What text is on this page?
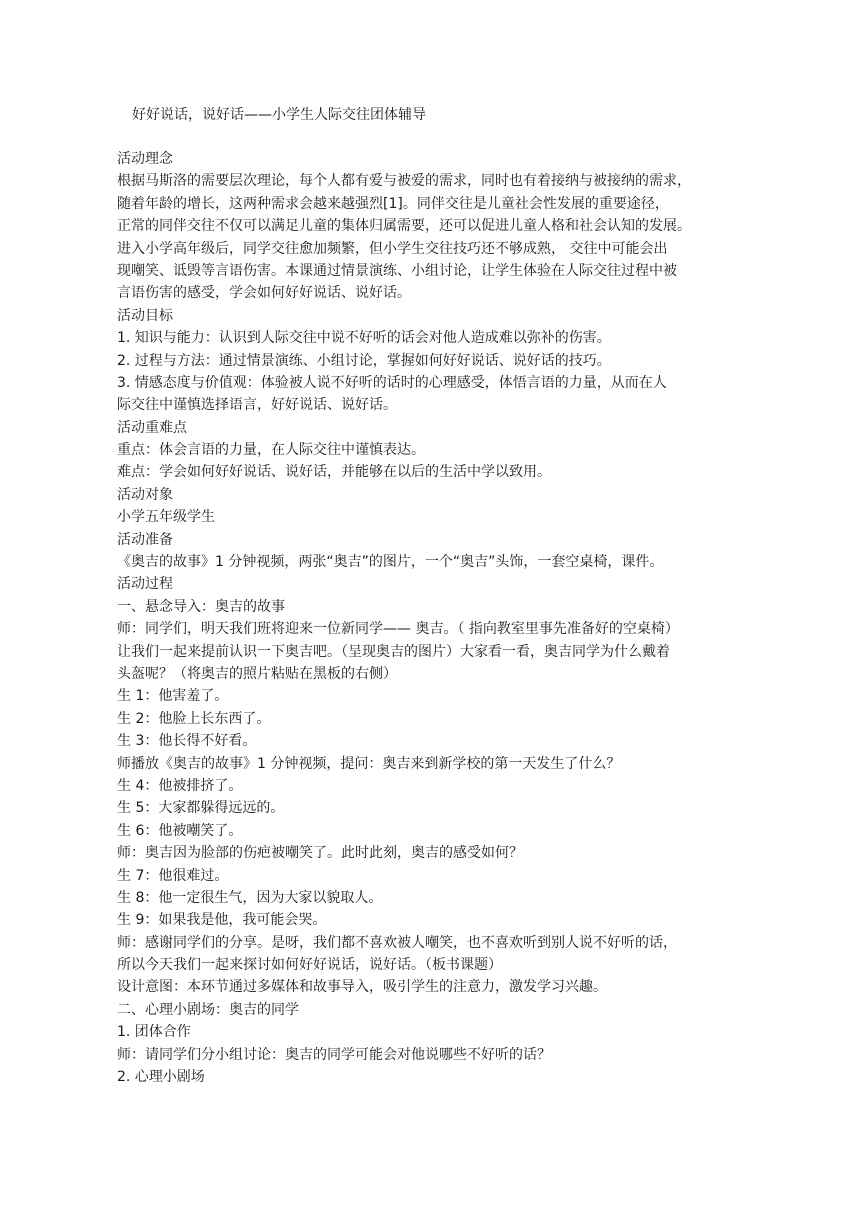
好好说话，说好话——小学生人际交往团体辅导
活动理念
根据马斯洛的需要层次理论，每个人都有爱与被爱的需求，同时也有着接纳与被接纳的需求，
随着年龄的增长，这两种需求会越来越强烈[1]。同伴交往是儿童社会性发展的重要途径，
正常的同伴交往不仅可以满足儿童的集体归属需要，还可以促进儿童人格和社会认知的发展。
进入小学高年级后，同学交往愈加频繁，但小学生交往技巧还不够成熟， 交往中可能会出
现嘲笑、诋毁等言语伤害。本课通过情景演练、小组讨论，让学生体验在人际交往过程中被
言语伤害的感受，学会如何好好说话、说好话。
活动目标
1. 知识与能力：认识到人际交往中说不好听的话会对他人造成难以弥补的伤害。
2. 过程与方法：通过情景演练、小组讨论，掌握如何好好说话、说好话的技巧。
3. 情感态度与价值观：体验被人说不好听的话时的心理感受，体悟言语的力量，从而在人
际交往中谨慎选择语言，好好说话、说好话。
活动重难点
重点：体会言语的力量，在人际交往中谨慎表达。
难点：学会如何好好说话、说好话，并能够在以后的生活中学以致用。
活动对象
小学五年级学生
活动准备
《奥吉的故事》1 分钟视频，两张“奥吉”的图片，一个“奥吉”头饰，一套空桌椅，课件。
活动过程
一、悬念导入：奥吉的故事
师：同学们，明天我们班将迎来一位新同学—— 奥吉。（ 指向教室里事先准备好的空桌椅）
让我们一起来提前认识一下奥吉吧。（呈现奥吉的图片）大家看一看，奥吉同学为什么戴着
头盔呢？（将奥吉的照片粘贴在黑板的右侧）
生 1：他害羞了。
生 2：他脸上长东西了。
生 3：他长得不好看。
师播放《奥吉的故事》1 分钟视频，提问：奥吉来到新学校的第一天发生了什么？
生 4：他被排挤了。
生 5：大家都躲得远远的。
生 6：他被嘲笑了。
师：奥吉因为脸部的伤疤被嘲笑了。此时此刻，奥吉的感受如何？
生 7：他很难过。
生 8：他一定很生气，因为大家以貌取人。
生 9：如果我是他，我可能会哭。
师：感谢同学们的分享。是呀，我们都不喜欢被人嘲笑，也不喜欢听到别人说不好听的话，
所以今天我们一起来探讨如何好好说话，说好话。（板书课题）
设计意图：本环节通过多媒体和故事导入，吸引学生的注意力，激发学习兴趣。
二、心理小剧场：奥吉的同学
1. 团体合作
师：请同学们分小组讨论：奥吉的同学可能会对他说哪些不好听的话？
2. 心理小剧场
